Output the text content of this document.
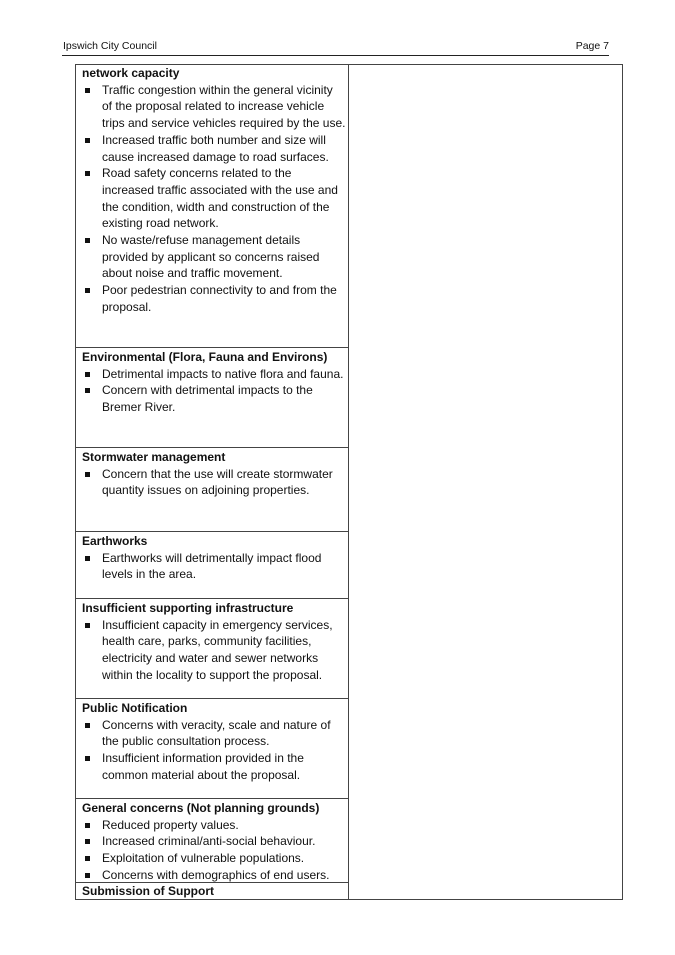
Ipswich City Council	Page 7
network capacity
Traffic congestion within the general vicinity of the proposal related to increase vehicle trips and service vehicles required by the use.
Increased traffic both number and size will cause increased damage to road surfaces.
Road safety concerns related to the increased traffic associated with the use and the condition, width and construction of the existing road network.
No waste/refuse management details provided by applicant so concerns raised about noise and traffic movement.
Poor pedestrian connectivity to and from the proposal.
Environmental (Flora, Fauna and Environs)
Detrimental impacts to native flora and fauna.
Concern with detrimental impacts to the Bremer River.
Stormwater management
Concern that the use will create stormwater quantity issues on adjoining properties.
Earthworks
Earthworks will detrimentally impact flood levels in the area.
Insufficient supporting infrastructure
Insufficient capacity in emergency services, health care, parks, community facilities, electricity and water and sewer networks within the locality to support the proposal.
Public Notification
Concerns with veracity, scale and nature of the public consultation process.
Insufficient information provided in the common material about the proposal.
General concerns (Not planning grounds)
Reduced property values.
Increased criminal/anti-social behaviour.
Exploitation of vulnerable populations.
Concerns with demographics of end users.
Submission of Support
